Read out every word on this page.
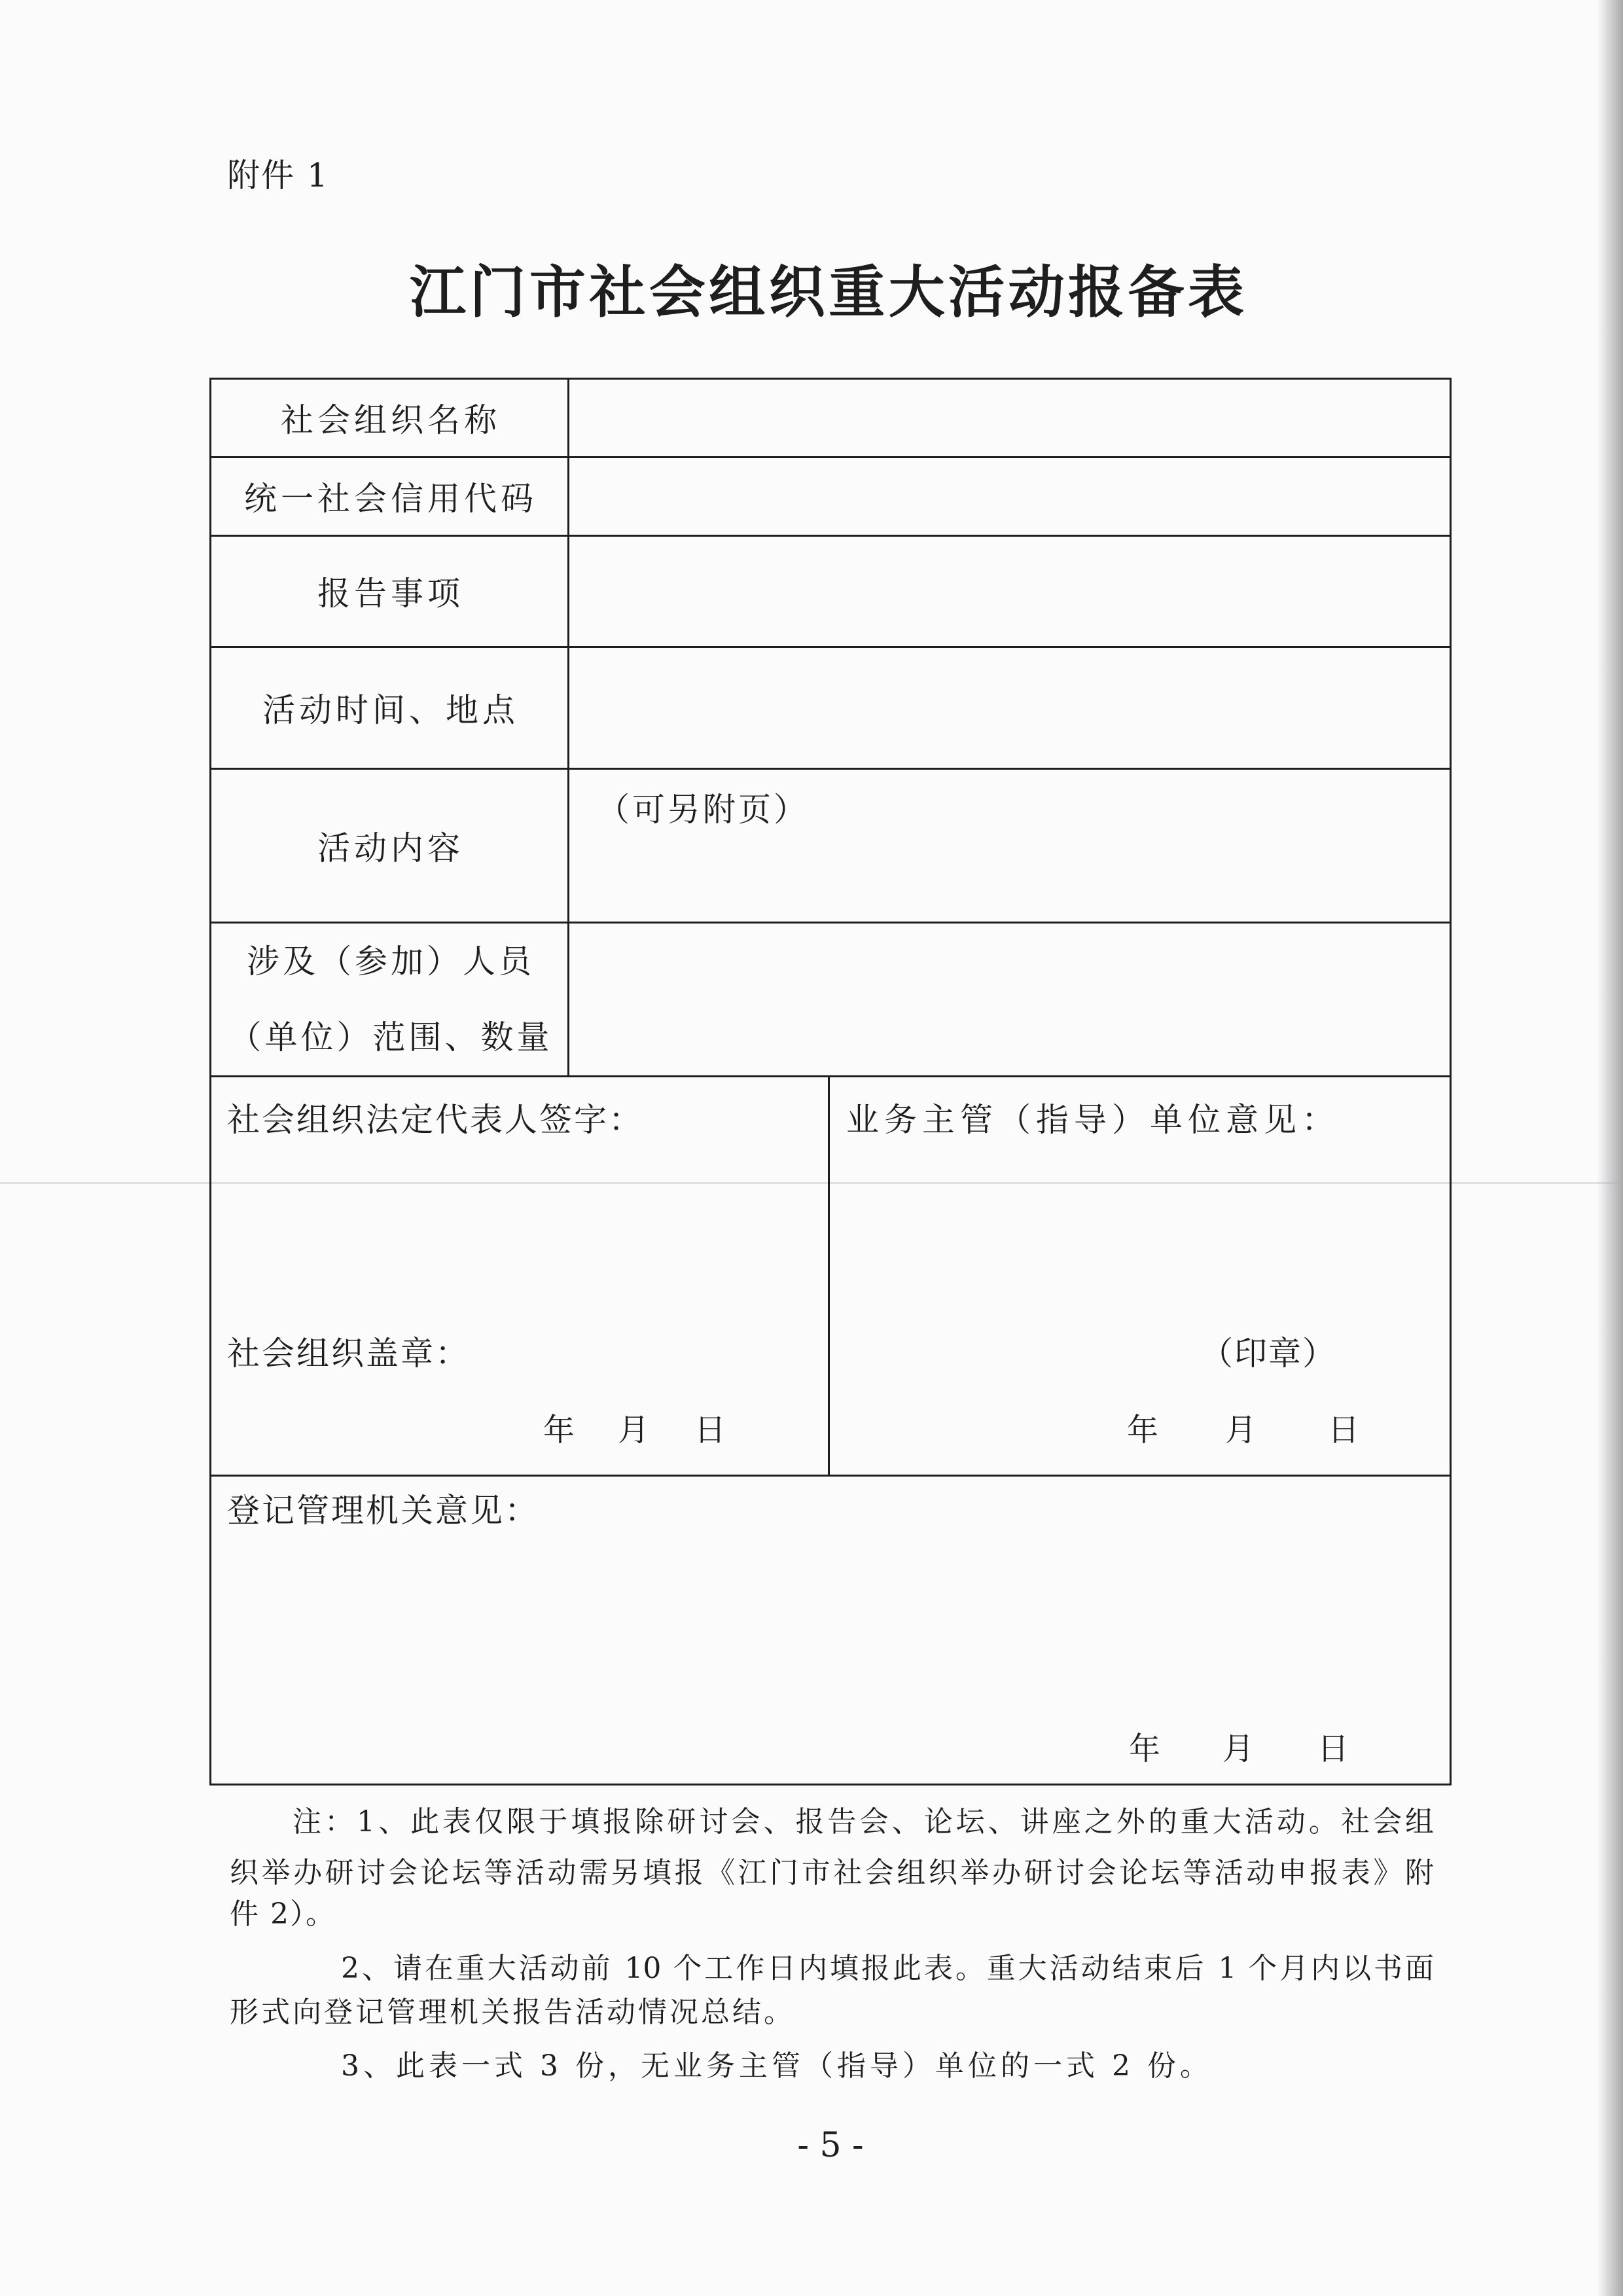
附件 1
江门市社会组织重大活动报备表
社会组织名称
统一社会信用代码
报告事项
活动时间、地点
活动内容
（可另附页）
涉及（参加）人员
（单位）范围、数量
社会组织法定代表人签字：
社会组织盖章：
年 月 日
业务主管（指导）单位意见：
（印章）
年 月 日
登记管理机关意见：
年 月 日
注：1、此表仅限于填报除研讨会、报告会、论坛、讲座之外的重大活动。社会组
织举办研讨会论坛等活动需另填报《江门市社会组织举办研讨会论坛等活动申报表》附
件 2）。
2、请在重大活动前 10 个工作日内填报此表。重大活动结束后 1 个月内以书面
形式向登记管理机关报告活动情况总结。
3、此表一式 3 份，无业务主管（指导）单位的一式 2 份。
- 5 -
